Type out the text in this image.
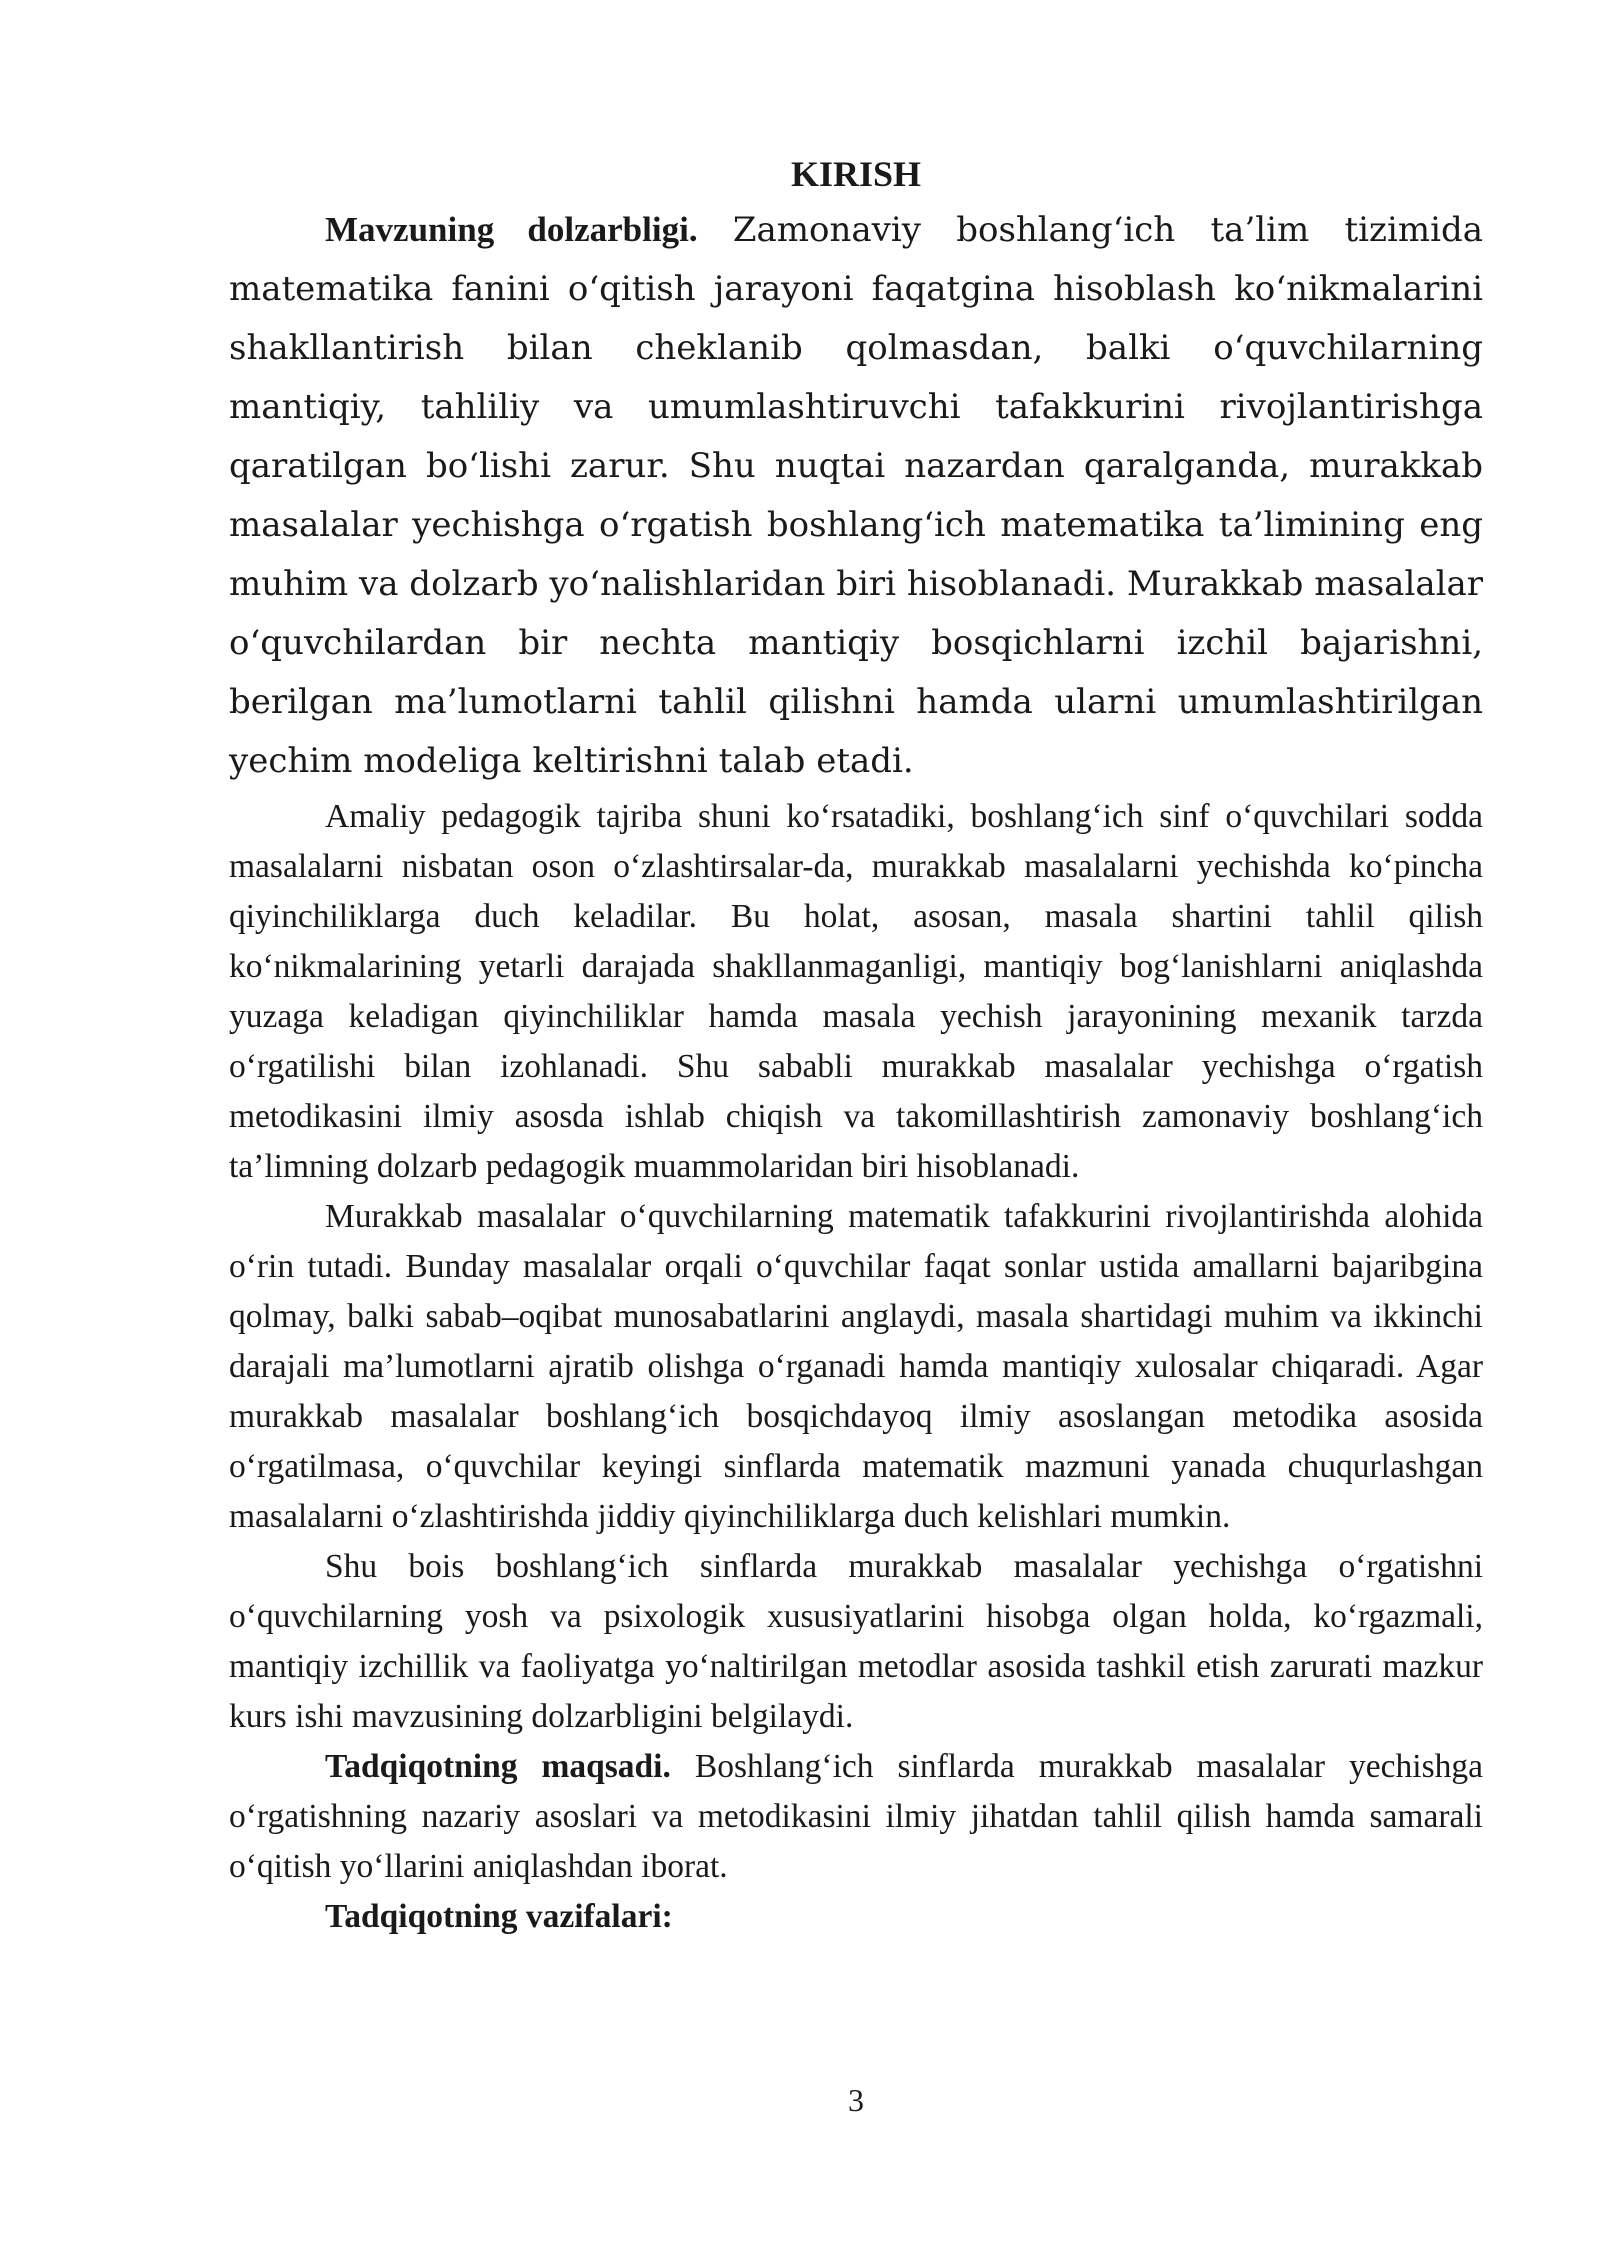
KIRISH

Mavzuning dolzarbligi. Zamonaviy boshlang‘ich ta’lim tizimida matematika fanini o‘qitish jarayoni faqatgina hisoblash ko‘nikmalarini shakllantirish bilan cheklanib qolmasdan, balki o‘quvchilarning mantiqiy, tahliliy va umumlashtiruvchi tafakkurini rivojlantirishga qaratilgan bo‘lishi zarur. Shu nuqtai nazardan qaralganda, murakkab masalalar yechishga o‘rgatish boshlang‘ich matematika ta’limining eng muhim va dolzarb yo‘nalishlaridan biri hisoblanadi. Murakkab masalalar o‘quvchilardan bir nechta mantiqiy bosqichlarni izchil bajarishni, berilgan ma’lumotlarni tahlil qilishni hamda ularni umumlashtirilgan yechim modeliga keltirishni talab etadi.

Amaliy pedagogik tajriba shuni ko‘rsatadiki, boshlang‘ich sinf o‘quvchilari sodda masalalarni nisbatan oson o‘zlashtirsalar-da, murakkab masalalarni yechishda ko‘pincha qiyinchiliklarga duch keladilar. Bu holat, asosan, masala shartini tahlil qilish ko‘nikmalarining yetarli darajada shakllanmaganligi, mantiqiy bog‘lanishlarni aniqlashda yuzaga keladigan qiyinchiliklar hamda masala yechish jarayonining mexanik tarzda o‘rgatilishi bilan izohlanadi. Shu sababli murakkab masalalar yechishga o‘rgatish metodikasini ilmiy asosda ishlab chiqish va takomillashtirish zamonaviy boshlang‘ich ta’limning dolzarb pedagogik muammolaridan biri hisoblanadi.

Murakkab masalalar o‘quvchilarning matematik tafakkurini rivojlantirishda alohida o‘rin tutadi. Bunday masalalar orqali o‘quvchilar faqat sonlar ustida amallarni bajaribgina qolmay, balki sabab–oqibat munosabatlarini anglaydi, masala shartidagi muhim va ikkinchi darajali ma’lumotlarni ajratib olishga o‘rganadi hamda mantiqiy xulosalar chiqaradi. Agar murakkab masalalar boshlang‘ich bosqichdayoq ilmiy asoslangan metodika asosida o‘rgatilmasa, o‘quvchilar keyingi sinflarda matematik mazmuni yanada chuqurlashgan masalalarni o‘zlashtirishda jiddiy qiyinchiliklarga duch kelishlari mumkin.

Shu bois boshlang‘ich sinflarda murakkab masalalar yechishga o‘rgatishni o‘quvchilarning yosh va psixologik xususiyatlarini hisobga olgan holda, ko‘rgazmali, mantiqiy izchillik va faoliyatga yo‘naltirilgan metodlar asosida tashkil etish zarurati mazkur kurs ishi mavzusining dolzarbligini belgilaydi.

Tadqiqotning maqsadi. Boshlang‘ich sinflarda murakkab masalalar yechishga o‘rgatishning nazariy asoslari va metodikasini ilmiy jihatdan tahlil qilish hamda samarali o‘qitish yo‘llarini aniqlashdan iborat.

Tadqiqotning vazifalari:

3
